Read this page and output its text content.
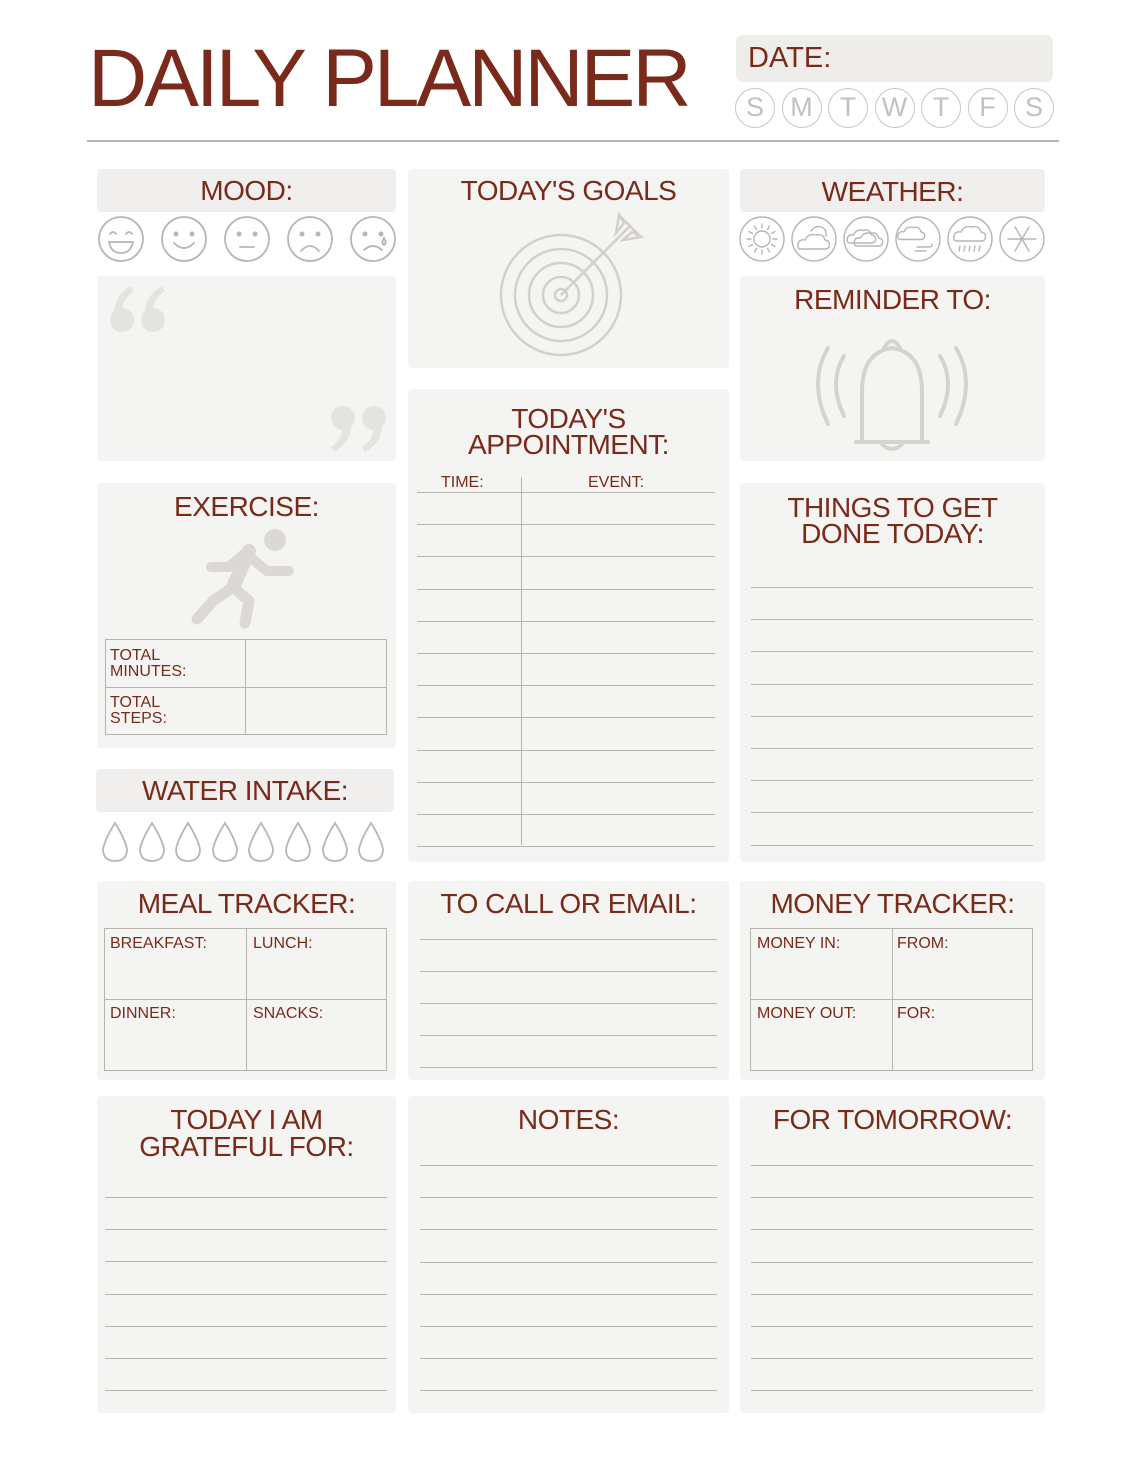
DAILY PLANNER DATE:
S M	T W T	F	S
MOOD:	TODAY'S GOALS	WEATHER:
REMINDER TO:
TODAY'S
APPOINTMENT:
TIME:	EVENT:
EXERCISE:
TOTAL
MINUTES:
TOTAL
STEPS:
THINGS TO GET
DONE TODAY:
WATER INTAKE:
MEAL TRACKER:
BREAKFAST:	LUNCH:
DINNER:	SNACKS:
TO CALL OR EMAIL:	MONEY TRACKER:
MONEY IN:	FROM:
MONEY OUT:	FOR:
TODAY I AM
GRATEFUL FOR:
NOTES:	FOR TOMORROW:
